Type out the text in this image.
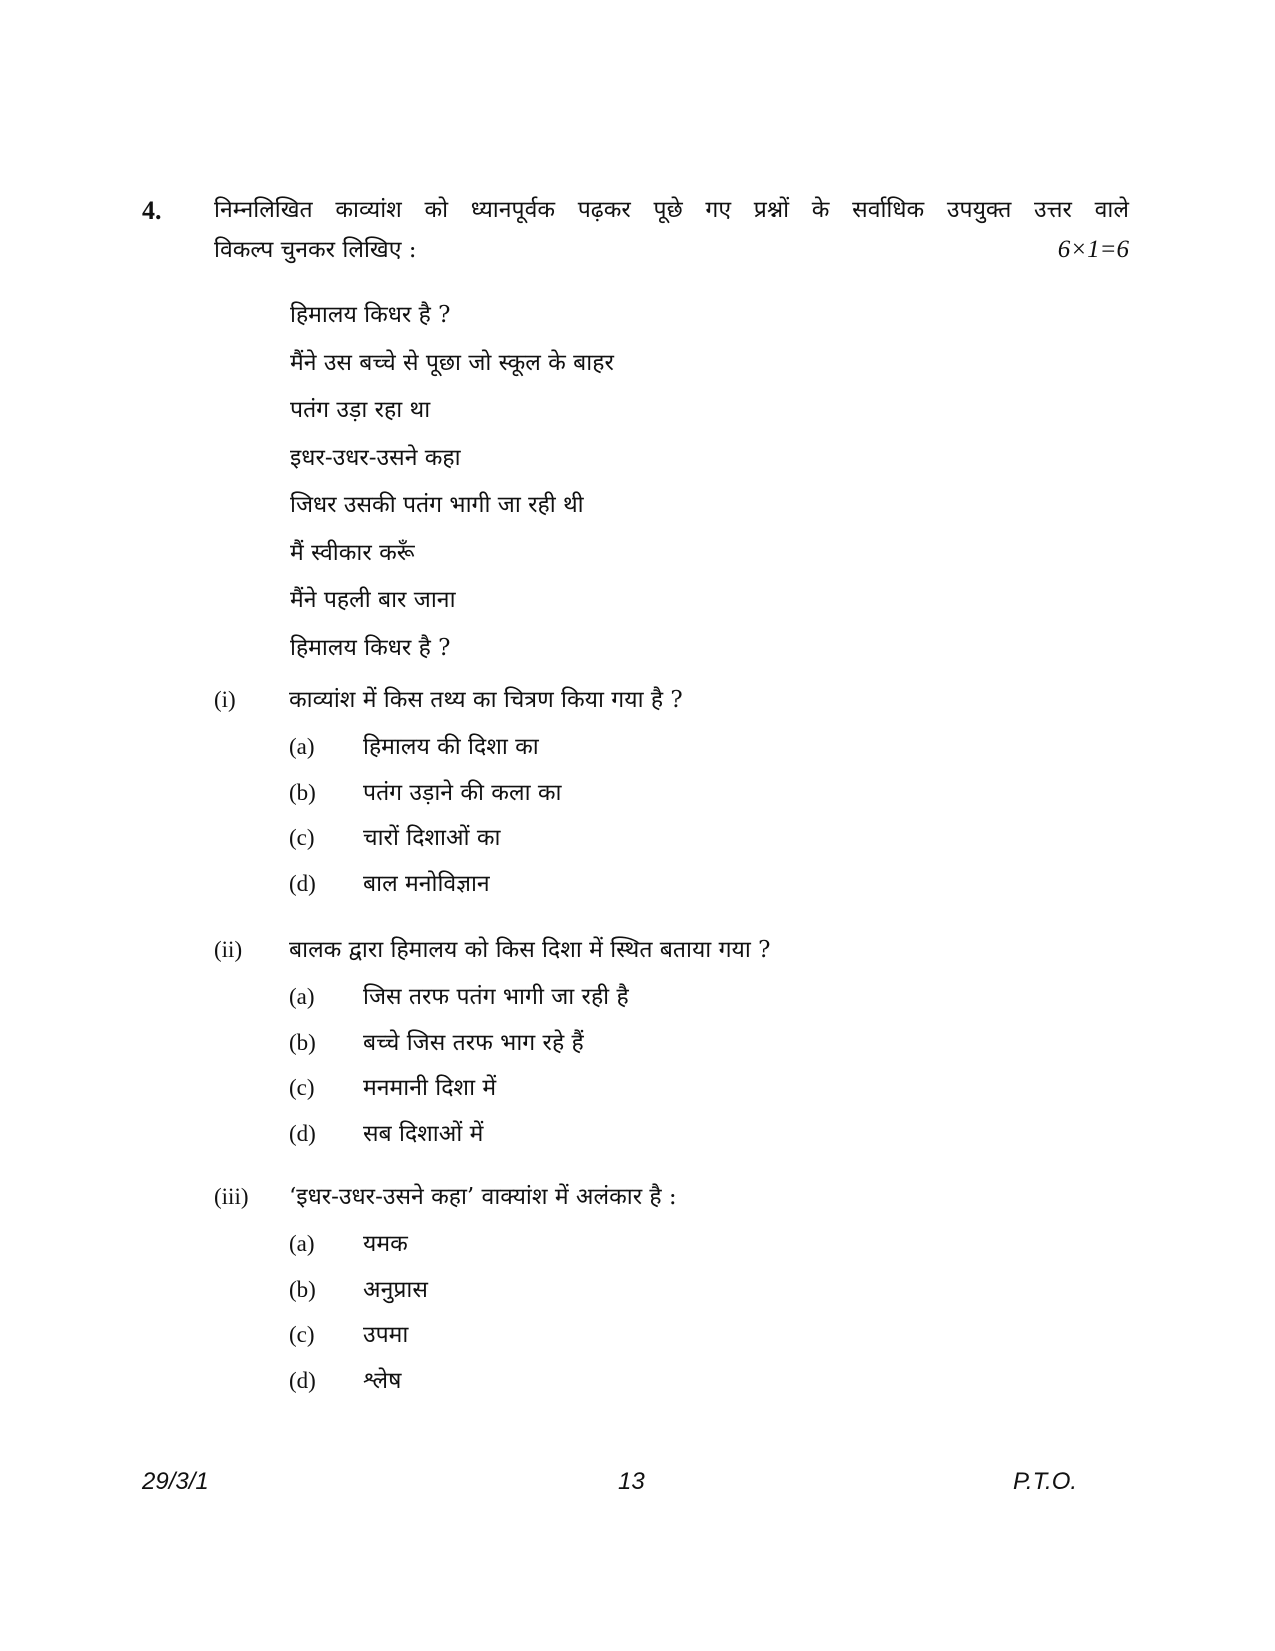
4. निम्नलिखित काव्यांश को ध्यानपूर्वक पढ़कर पूछे गए प्रश्नों के सर्वाधिक उपयुक्त उत्तर वाले
विकल्प चुनकर लिखिए :	6×1=6
हिमालय किधर है ?
मैंने उस बच्चे से पूछा जो स्कूल के बाहर
पतंग उड़ा रहा था
इधर-उधर-उसने कहा
जिधर उसकी पतंग भागी जा रही थी
मैं स्वीकार करूँ
मैंने पहली बार जाना
हिमालय किधर है ?
(i)	काव्यांश में किस तथ्य का चित्रण किया गया है ?
(a)	हिमालय की दिशा का
(b)	पतंग उड़ाने की कला का
(c)	चारों दिशाओं का
(d)	बाल मनोविज्ञान
(ii)	बालक द्वारा हिमालय को किस दिशा में स्थित बताया गया ?
(a)	जिस तरफ पतंग भागी जा रही है
(b)	बच्चे जिस तरफ भाग रहे हैं
(c)	मनमानी दिशा में
(d)	सब दिशाओं में
(iii)	‘इधर-उधर-उसने कहा’ वाक्यांश में अलंकार है :
(a)	यमक
(b)	अनुप्रास
(c)	उपमा
(d)	श्लेष
29/3/1	13	P.T.O.
